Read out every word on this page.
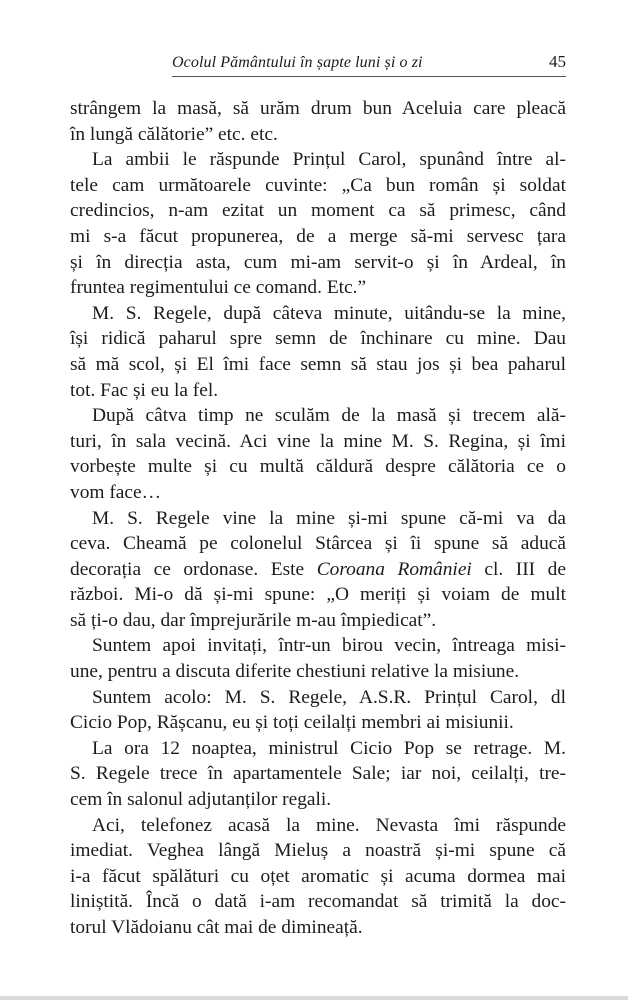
Ocolul Pământului în șapte luni și o zi	45
strângem la masă, să urăm drum bun Aceluia care pleacă
în lungă călătorie” etc. etc.
La ambii le răspunde Prințul Carol, spunând între al-
tele cam următoarele cuvinte: „Ca bun român și soldat
credincios, n-am ezitat un moment ca să primesc, când
mi s-a făcut propunerea, de a merge să-mi servesc țara
și în direcția asta, cum mi-am servit-o și în Ardeal, în
fruntea regimentului ce comand. Etc.”
M. S. Regele, după câteva minute, uitându-se la mine,
își ridică paharul spre semn de închinare cu mine. Dau
să mă scol, și El îmi face semn să stau jos și bea paharul
tot. Fac și eu la fel.
După câtva timp ne sculăm de la masă și trecem ală-
turi, în sala vecină. Aci vine la mine M. S. Regina, și îmi
vorbește multe și cu multă căldură despre călătoria ce o
vom face…
M. S. Regele vine la mine și-mi spune că-mi va da
ceva. Cheamă pe colonelul Stârcea și îi spune să aducă
decorația ce ordonase. Este Coroana României cl. III de
război. Mi-o dă și-mi spune: „O meriți și voiam de mult
să ți-o dau, dar împrejurările m-au împiedicat”.
Suntem apoi invitați, într-un birou vecin, întreaga misi-
une, pentru a discuta diferite chestiuni relative la misiune.
Suntem acolo: M. S. Regele, A.S.R. Prințul Carol, dl
Cicio Pop, Rășcanu, eu și toți ceilalți membri ai misiunii.
La ora 12 noaptea, ministrul Cicio Pop se retrage. M.
S. Regele trece în apartamentele Sale; iar noi, ceilalți, tre-
cem în salonul adjutanților regali.
Aci, telefonez acasă la mine. Nevasta îmi răspunde
imediat. Veghea lângă Mieluș a noastră și-mi spune că
i-a făcut spălături cu oțet aromatic și acuma dormea mai
liniștită. Încă o dată i-am recomandat să trimită la doc-
torul Vlădoianu cât mai de dimineață.
